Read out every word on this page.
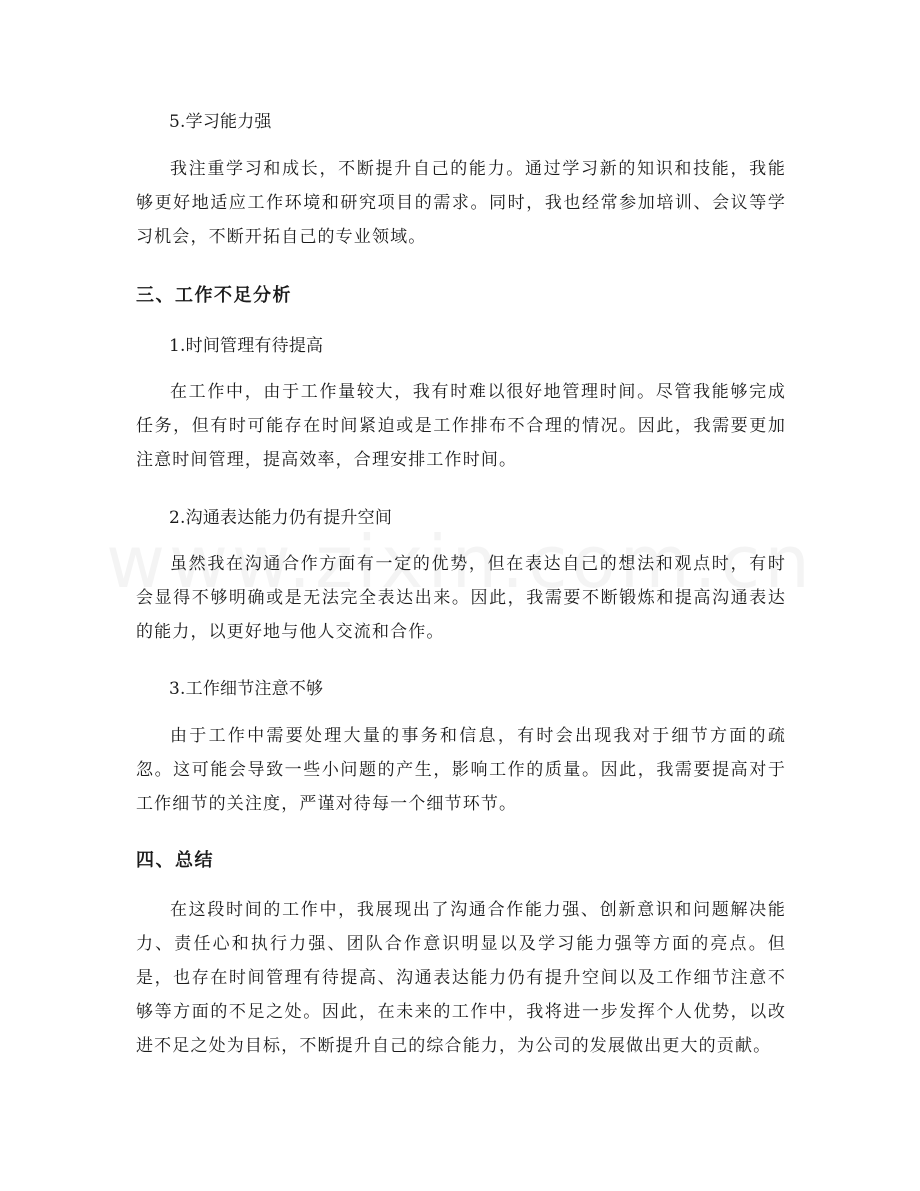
5.学习能力强

我注重学习和成长，不断提升自己的能力。通过学习新的知识和技能，我能够更好地适应工作环境和研究项目的需求。同时，我也经常参加培训、会议等学习机会，不断开拓自己的专业领域。

三、工作不足分析
1.时间管理有待提高

在工作中，由于工作量较大，我有时难以很好地管理时间。尽管我能够完成任务，但有时可能存在时间紧迫或是工作排布不合理的情况。因此，我需要更加注意时间管理，提高效率，合理安排工作时间。

2.沟通表达能力仍有提升空间

虽然我在沟通合作方面有一定的优势，但在表达自己的想法和观点时，有时会显得不够明确或是无法完全表达出来。因此，我需要不断锻炼和提高沟通表达的能力，以更好地与他人交流和合作。

3.工作细节注意不够

由于工作中需要处理大量的事务和信息，有时会出现我对于细节方面的疏忽。这可能会导致一些小问题的产生，影响工作的质量。因此，我需要提高对于工作细节的关注度，严谨对待每一个细节环节。

四、总结

在这段时间的工作中，我展现出了沟通合作能力强、创新意识和问题解决能力、责任心和执行力强、团队合作意识明显以及学习能力强等方面的亮点。但是，也存在时间管理有待提高、沟通表达能力仍有提升空间以及工作细节注意不够等方面的不足之处。因此，在未来的工作中，我将进一步发挥个人优势，以改进不足之处为目标，不断提升自己的综合能力，为公司的发展做出更大的贡献。
